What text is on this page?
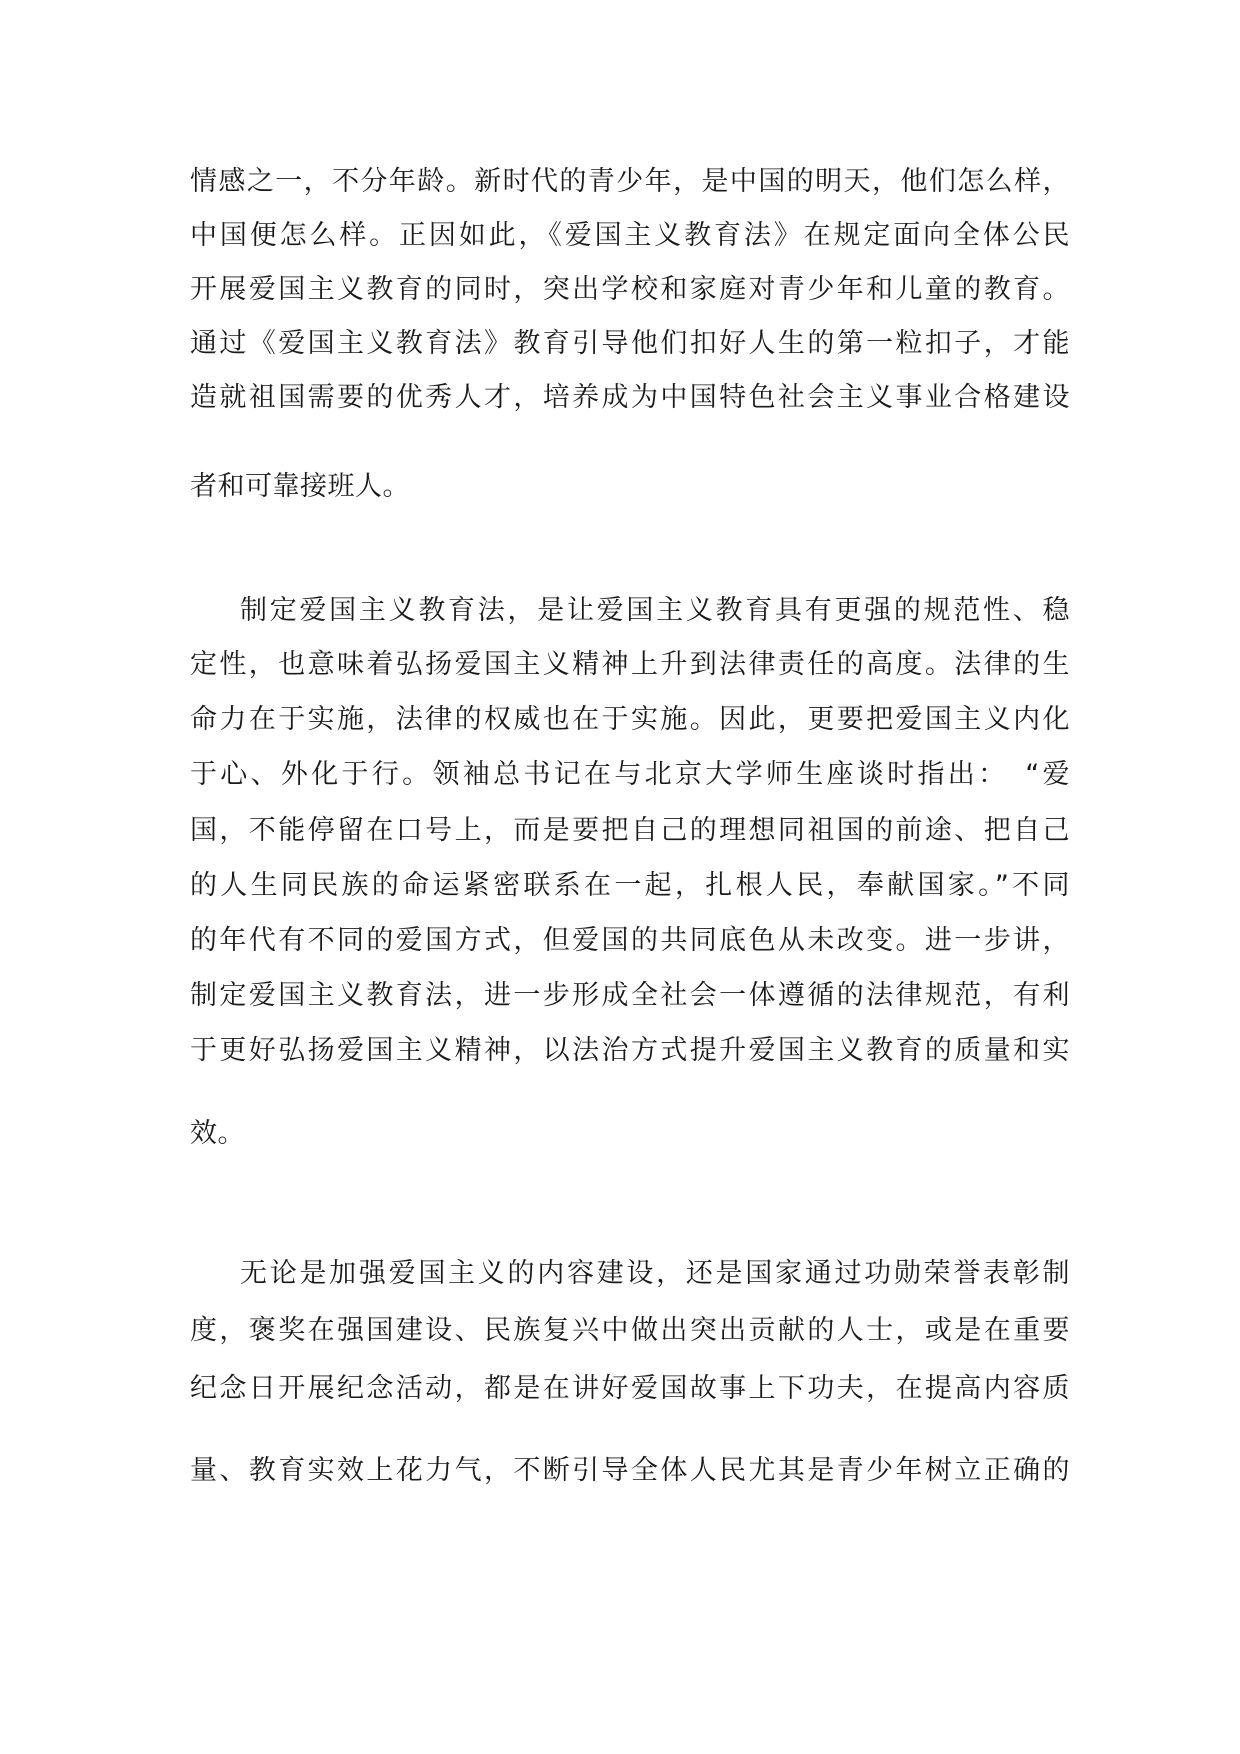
情感之一，不分年龄。新时代的青少年，是中国的明天，他们怎么样，
中国便怎么样。正因如此，《爱国主义教育法》在规定面向全体公民
开展爱国主义教育的同时，突出学校和家庭对青少年和儿童的教育。
通过《爱国主义教育法》教育引导他们扣好人生的第一粒扣子，才能
造就祖国需要的优秀人才，培养成为中国特色社会主义事业合格建设
者和可靠接班人。
制定爱国主义教育法，是让爱国主义教育具有更强的规范性、稳
定性，也意味着弘扬爱国主义精神上升到法律责任的高度。法律的生
命力在于实施，法律的权威也在于实施。因此，更要把爱国主义内化
于心、外化于行。领袖总书记在与北京大学师生座谈时指出：　“爱
国，不能停留在口号上，而是要把自己的理想同祖国的前途、把自己
的人生同民族的命运紧密联系在一起，扎根人民，奉献国家。”不同
的年代有不同的爱国方式，但爱国的共同底色从未改变。进一步讲，
制定爱国主义教育法，进一步形成全社会一体遵循的法律规范，有利
于更好弘扬爱国主义精神，以法治方式提升爱国主义教育的质量和实
效。
无论是加强爱国主义的内容建设，还是国家通过功勋荣誉表彰制
度，褒奖在强国建设、民族复兴中做出突出贡献的人士，或是在重要
纪念日开展纪念活动，都是在讲好爱国故事上下功夫，在提高内容质
量、教育实效上花力气，不断引导全体人民尤其是青少年树立正确的
